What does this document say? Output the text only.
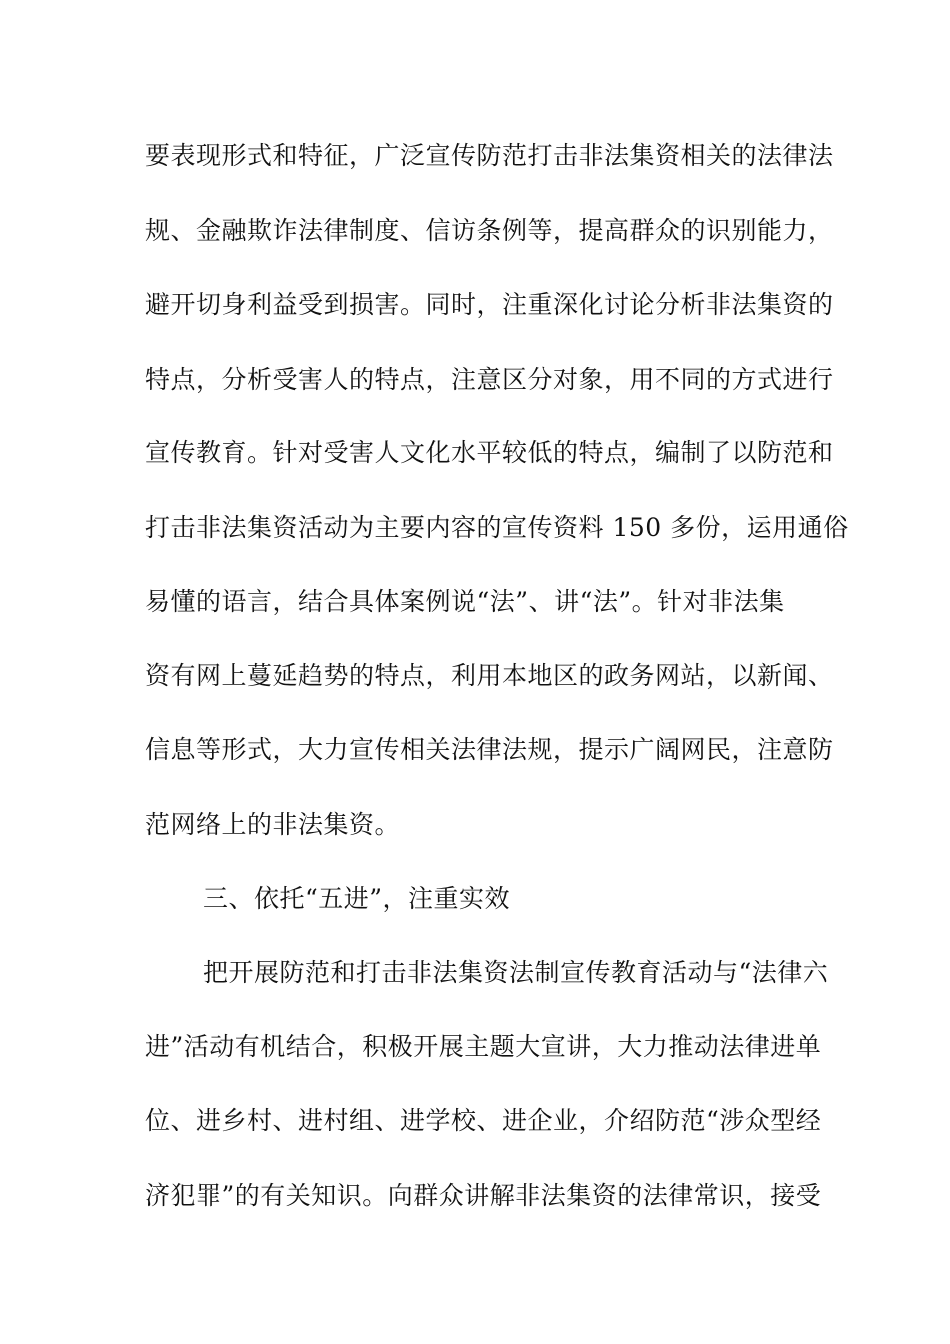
要表现形式和特征，广泛宣传防范打击非法集资相关的法律法
规、金融欺诈法律制度、信访条例等，提高群众的识别能力，
避开切身利益受到损害。同时，注重深化讨论分析非法集资的
特点，分析受害人的特点，注意区分对象，用不同的方式进行
宣传教育。针对受害人文化水平较低的特点，编制了以防范和
打击非法集资活动为主要内容的宣传资料 150 多份，运用通俗
易懂的语言，结合具体案例说“法”、讲“法”。针对非法集
资有网上蔓延趋势的特点，利用本地区的政务网站，以新闻、
信息等形式，大力宣传相关法律法规，提示广阔网民，注意防
范网络上的非法集资。
三、依托“五进”，注重实效
把开展防范和打击非法集资法制宣传教育活动与“法律六
进”活动有机结合，积极开展主题大宣讲，大力推动法律进单
位、进乡村、进村组、进学校、进企业，介绍防范“涉众型经
济犯罪”的有关知识。向群众讲解非法集资的法律常识，接受
